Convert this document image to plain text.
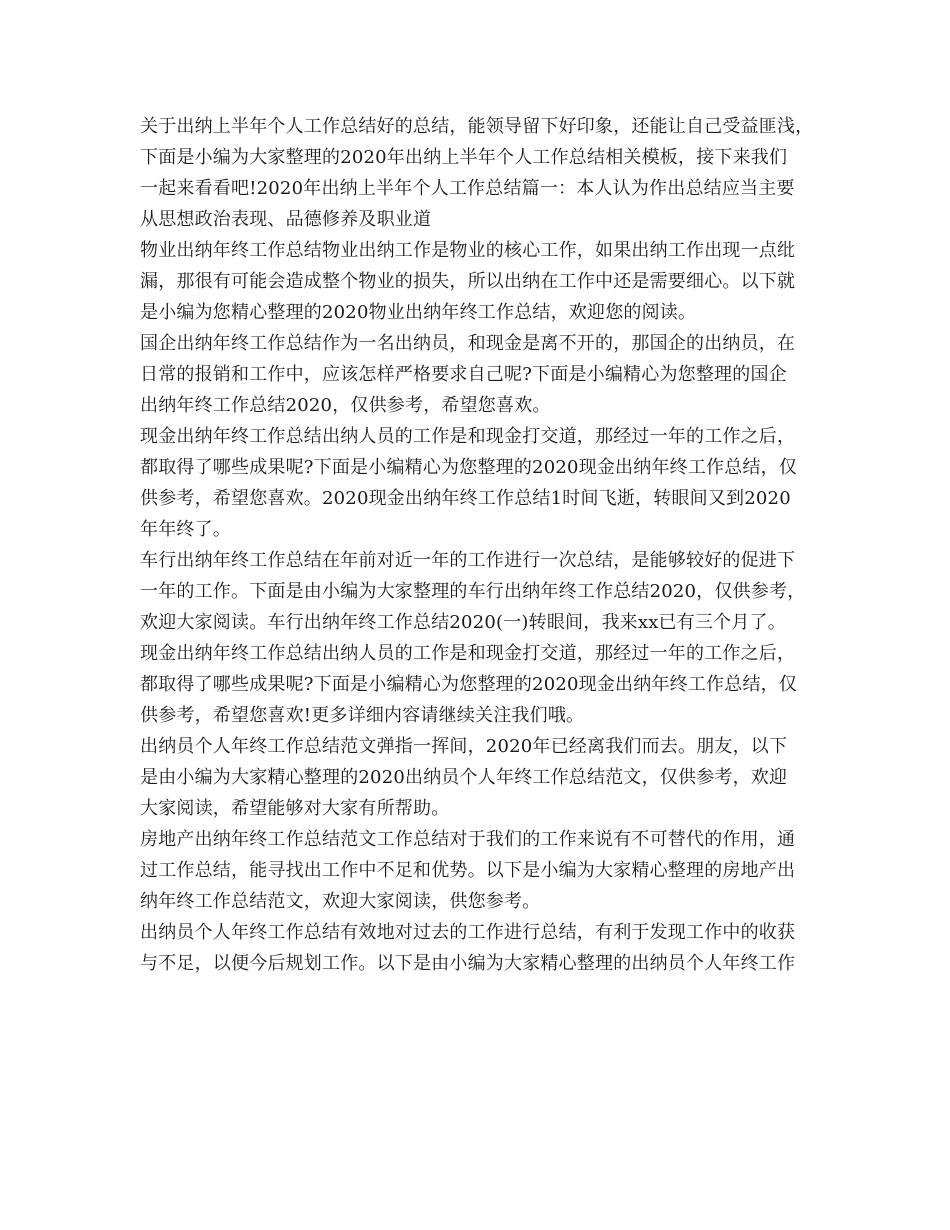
关于出纳上半年个人工作总结好的总结，能领导留下好印象，还能让自己受益匪浅，
下面是小编为大家整理的2020年出纳上半年个人工作总结相关模板，接下来我们
一起来看看吧!2020年出纳上半年个人工作总结篇一：本人认为作出总结应当主要
从思想政治表现、品德修养及职业道

物业出纳年终工作总结物业出纳工作是物业的核心工作，如果出纳工作出现一点纰
漏，那很有可能会造成整个物业的损失，所以出纳在工作中还是需要细心。以下就
是小编为您精心整理的2020物业出纳年终工作总结，欢迎您的阅读。

国企出纳年终工作总结作为一名出纳员，和现金是离不开的，那国企的出纳员，在
日常的报销和工作中，应该怎样严格要求自己呢?下面是小编精心为您整理的国企
出纳年终工作总结2020，仅供参考，希望您喜欢。

现金出纳年终工作总结出纳人员的工作是和现金打交道，那经过一年的工作之后，
都取得了哪些成果呢?下面是小编精心为您整理的2020现金出纳年终工作总结，仅
供参考，希望您喜欢。2020现金出纳年终工作总结1时间飞逝，转眼间又到2020
年年终了。

车行出纳年终工作总结在年前对近一年的工作进行一次总结，是能够较好的促进下
一年的工作。下面是由小编为大家整理的车行出纳年终工作总结2020，仅供参考，
欢迎大家阅读。车行出纳年终工作总结2020(一)转眼间，我来xx已有三个月了。

现金出纳年终工作总结出纳人员的工作是和现金打交道，那经过一年的工作之后，
都取得了哪些成果呢?下面是小编精心为您整理的2020现金出纳年终工作总结，仅
供参考，希望您喜欢!更多详细内容请继续关注我们哦。

出纳员个人年终工作总结范文弹指一挥间，2020年已经离我们而去。朋友，以下
是由小编为大家精心整理的2020出纳员个人年终工作总结范文，仅供参考，欢迎
大家阅读，希望能够对大家有所帮助。

房地产出纳年终工作总结范文工作总结对于我们的工作来说有不可替代的作用，通
过工作总结，能寻找出工作中不足和优势。以下是小编为大家精心整理的房地产出
纳年终工作总结范文，欢迎大家阅读，供您参考。

出纳员个人年终工作总结有效地对过去的工作进行总结，有利于发现工作中的收获
与不足，以便今后规划工作。以下是由小编为大家精心整理的出纳员个人年终工作
